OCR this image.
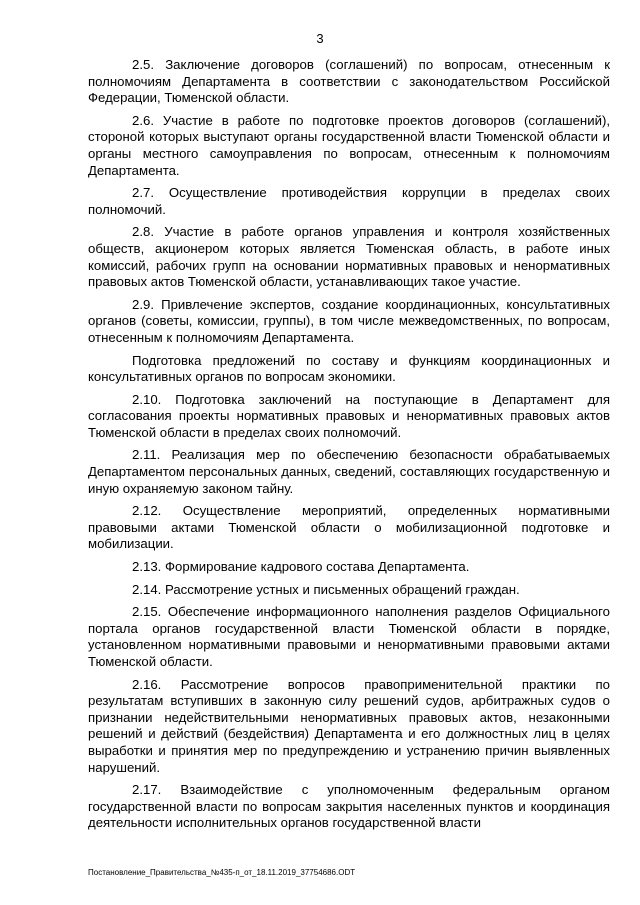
3

2.5. Заключение договоров (соглашений) по вопросам, отнесенным к полномочиям Департамента в соответствии с законодательством Российской Федерации, Тюменской области.

2.6. Участие в работе по подготовке проектов договоров (соглашений), стороной которых выступают органы государственной власти Тюменской области и органы местного самоуправления по вопросам, отнесенным к полномочиям Департамента.

2.7. Осуществление противодействия коррупции в пределах своих полномочий.

2.8. Участие в работе органов управления и контроля хозяйственных обществ, акционером которых является Тюменская область, в работе иных комиссий, рабочих групп на основании нормативных правовых и ненормативных правовых актов Тюменской области, устанавливающих такое участие.

2.9. Привлечение экспертов, создание координационных, консультативных органов (советы, комиссии, группы), в том числе межведомственных, по вопросам, отнесенным к полномочиям Департамента.

Подготовка предложений по составу и функциям координационных и консультативных органов по вопросам экономики.

2.10. Подготовка заключений на поступающие в Департамент для согласования проекты нормативных правовых и ненормативных правовых актов Тюменской области в пределах своих полномочий.

2.11. Реализация мер по обеспечению безопасности обрабатываемых Департаментом персональных данных, сведений, составляющих государственную и иную охраняемую законом тайну.

2.12. Осуществление мероприятий, определенных нормативными правовыми актами Тюменской области о мобилизационной подготовке и мобилизации.

2.13. Формирование кадрового состава Департамента.

2.14. Рассмотрение устных и письменных обращений граждан.

2.15. Обеспечение информационного наполнения разделов Официального портала органов государственной власти Тюменской области в порядке, установленном нормативными правовыми и ненормативными правовыми актами Тюменской области.

2.16. Рассмотрение вопросов правоприменительной практики по результатам вступивших в законную силу решений судов, арбитражных судов о признании недействительными ненормативных правовых актов, незаконными решений и действий (бездействия) Департамента и его должностных лиц в целях выработки и принятия мер по предупреждению и устранению причин выявленных нарушений.

2.17. Взаимодействие с уполномоченным федеральным органом государственной власти по вопросам закрытия населенных пунктов и координация деятельности исполнительных органов государственной власти

Постановление_Правительства_№435-п_от_18.11.2019_37754686.ODT
